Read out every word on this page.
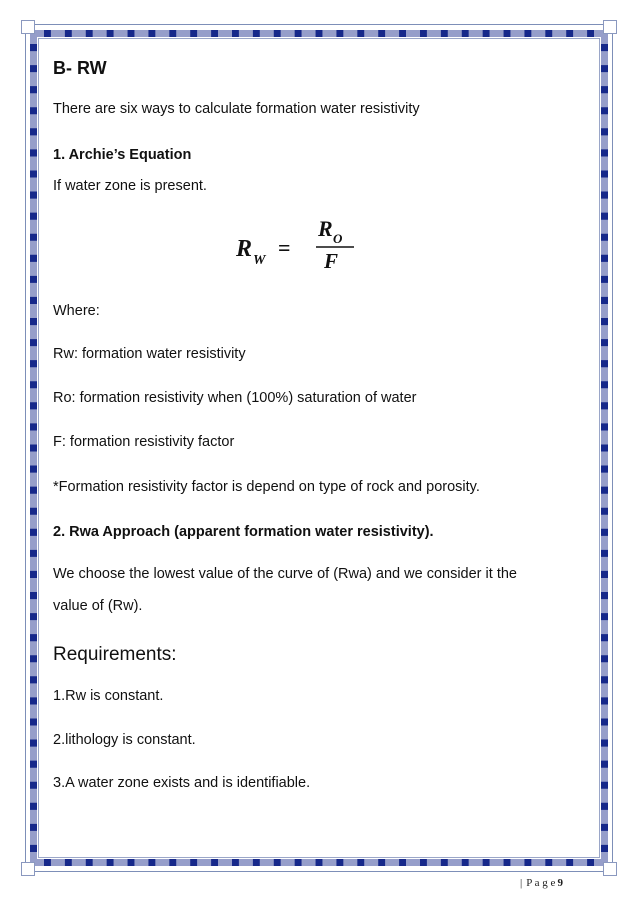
B- RW
There are six ways to calculate formation water resistivity
1. Archie’s Equation
If water zone is present.
Where:
Rw: formation water resistivity
Ro: formation resistivity when (100%) saturation of water
F: formation resistivity factor
*Formation resistivity factor is depend on type of rock and porosity.
2. Rwa Approach (apparent formation water resistivity).
We choose the lowest value of the curve of (Rwa) and we consider it the
value of (Rw).
Requirements:
1.Rw is constant.
2.lithology is constant.
3.A water zone exists and is identifiable.
R W
=
R O
F
| P a g e 9
